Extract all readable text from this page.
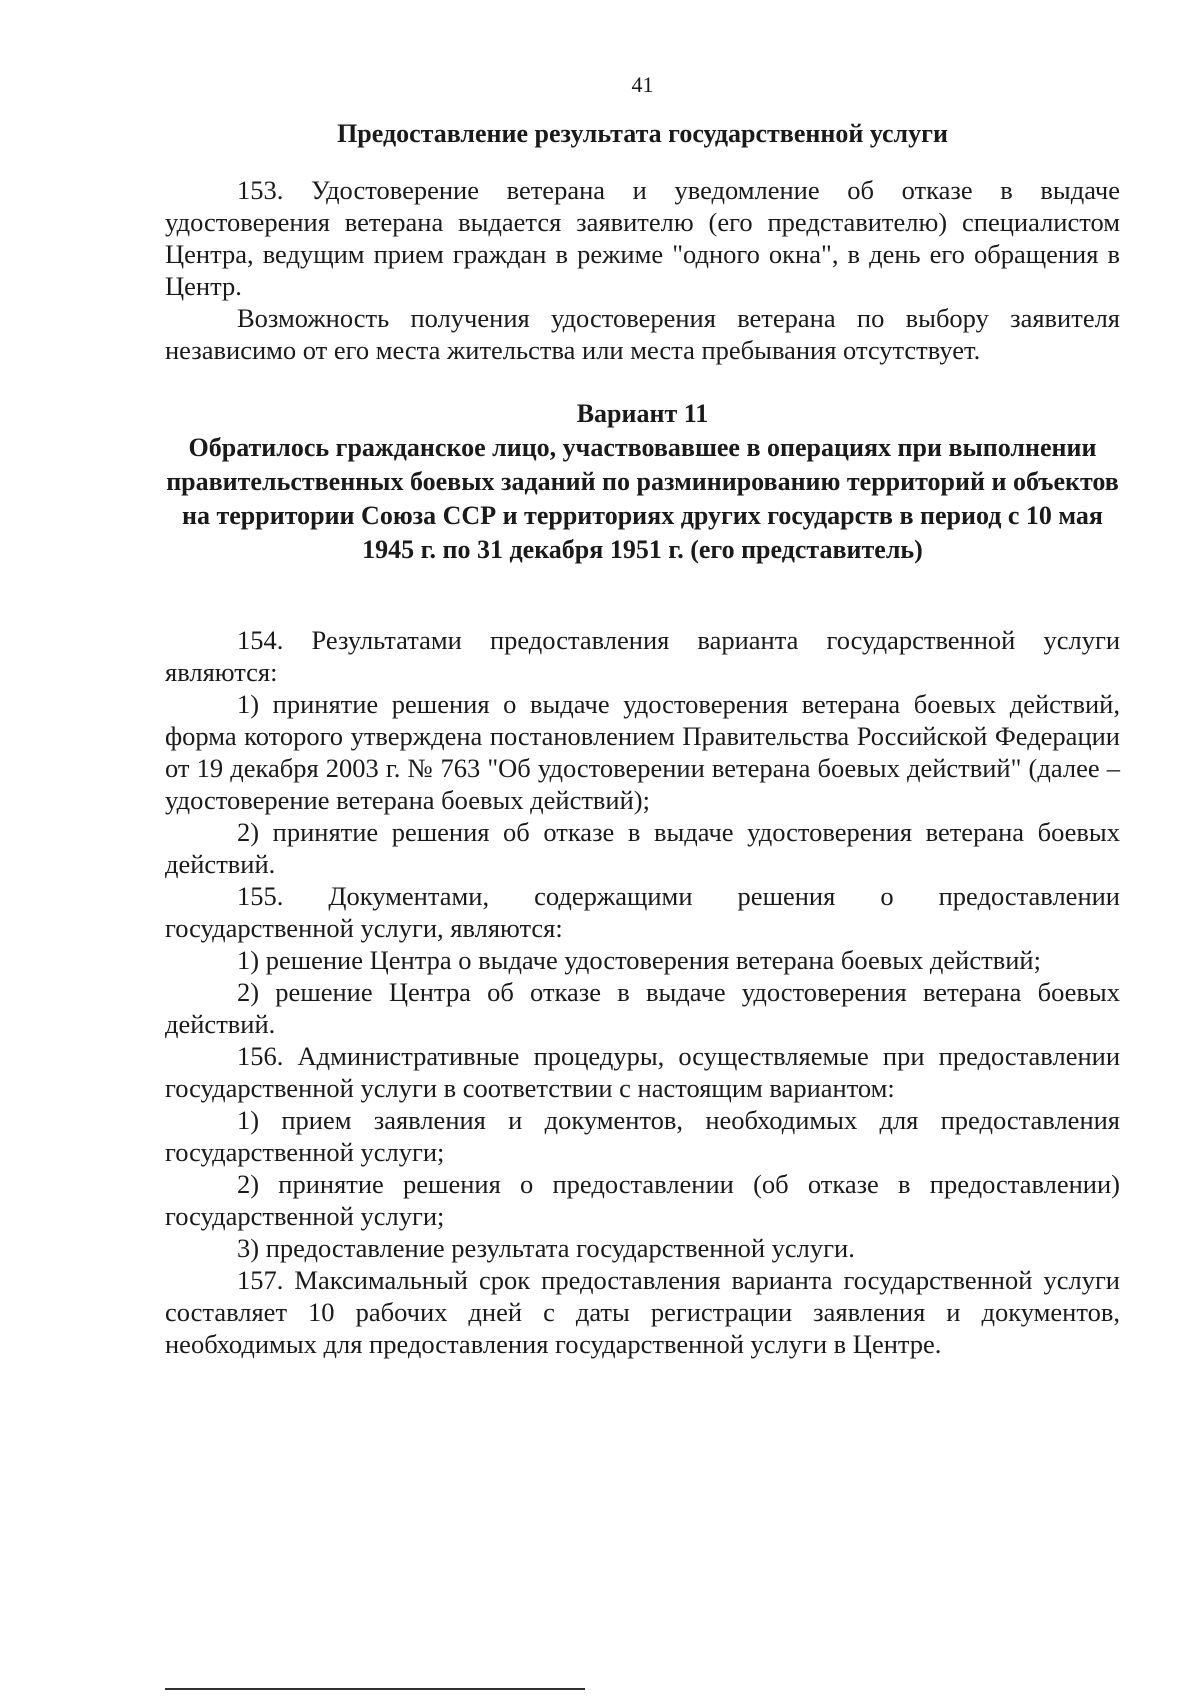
41
Предоставление результата государственной услуги

153. Удостоверение ветерана и уведомление об отказе в выдаче удостоверения ветерана выдается заявителю (его представителю) специалистом Центра, ведущим прием граждан в режиме "одного окна", в день его обращения в Центр.

Возможность получения удостоверения ветерана по выбору заявителя независимо от его места жительства или места пребывания отсутствует.

Вариант 11
Обратилось гражданское лицо, участвовавшее в операциях при выполнении правительственных боевых заданий по разминированию территорий и объектов на территории Союза ССР и территориях других государств в период с 10 мая 1945 г. по 31 декабря 1951 г. (его представитель)

154. Результатами предоставления варианта государственной услуги являются:

1) принятие решения о выдаче удостоверения ветерана боевых действий, форма которого утверждена постановлением Правительства Российской Федерации от 19 декабря 2003 г. № 763 "Об удостоверении ветерана боевых действий" (далее – удостоверение ветерана боевых действий);

2) принятие решения об отказе в выдаче удостоверения ветерана боевых действий.

155. Документами, содержащими решения о предоставлении государственной услуги, являются:

1) решение Центра о выдаче удостоверения ветерана боевых действий;

2) решение Центра об отказе в выдаче удостоверения ветерана боевых действий.

156. Административные процедуры, осуществляемые при предоставлении государственной услуги в соответствии с настоящим вариантом:

1) прием заявления и документов, необходимых для предоставления государственной услуги;

2) принятие решения о предоставлении (об отказе в предоставлении) государственной услуги;

3) предоставление результата государственной услуги.

157. Максимальный срок предоставления варианта государственной услуги составляет 10 рабочих дней с даты регистрации заявления и документов, необходимых для предоставления государственной услуги в Центре.
